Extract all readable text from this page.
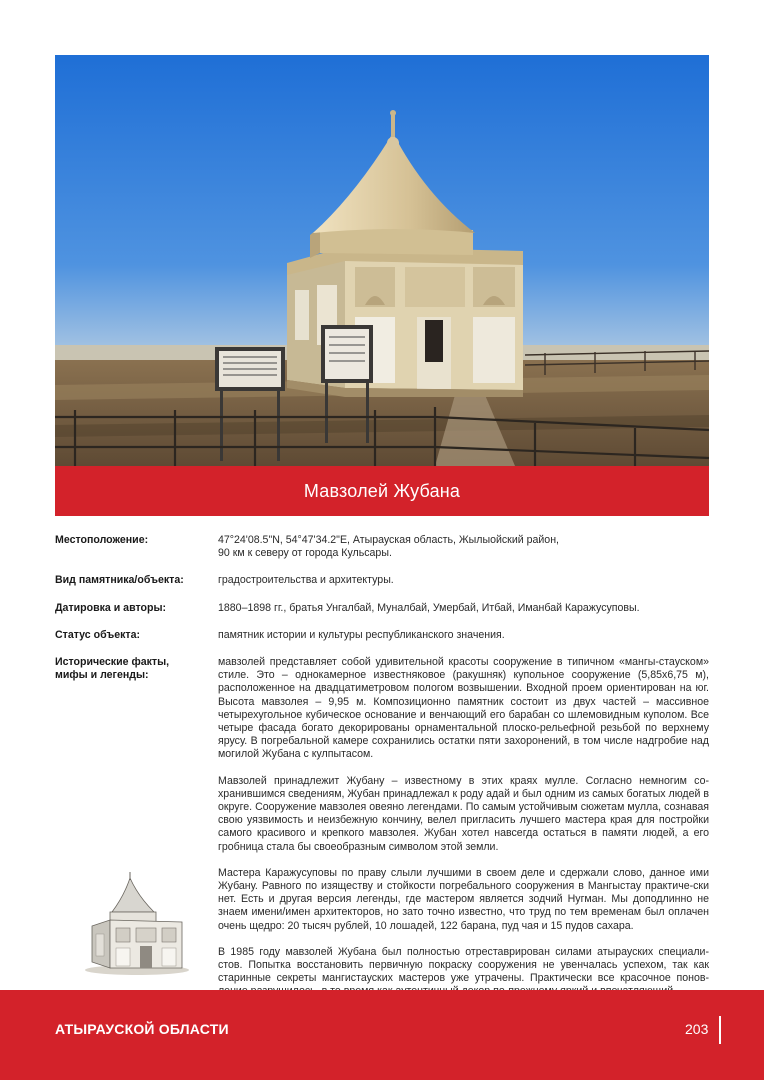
Мавзолей Жубана
Местоположение:	47°24'08.5"N, 54°47'34.2"E, Атырауская область, Жылыойский район,

90 км к северу от города Кульсары.

Вид памятника/объекта:	градостроительства и архитектуры.
Датировка и авторы:	1880–1898 гг., братья Унгалбай, Муналбай, Умербай, Итбай, Иманбай Каражусуповы.
Статус объекта:	памятник истории и культуры республиканского значения.
Исторические факты,
мифы и легенды:

мавзолей представляет собой удивительной красоты сооружение в типичном «мангы-стауском» стиле. Это – однокамерное известняковое (ракушняк) купольное сооружение (5,85х6,75 м), расположенное на двадцатиметровом пологом возвышении. Входной проем ориентирован на юг. Высота мавзолея – 9,95 м. Композиционно памятник состоит из двух частей – массивное четырехугольное кубическое основание и венчающий его барабан со шлемовидным куполом. Все четыре фасада богато декорированы орнаментальной плоско-рельефной резьбой по верхнему ярусу. В погребальной камере сохранились остатки пяти захоронений, в том числе надгробие над могилой Жубана с кулпытасом.

Мавзолей принадлежит Жубану – известному в этих краях мулле. Согласно немногим со-хранившимся сведениям, Жубан принадлежал к роду адай и был одним из самых богатых людей в округе. Сооружение мавзолея овеяно легендами. По самым устойчивым сюжетам мулла, сознавая свою уязвимость и неизбежную кончину, велел пригласить лучшего мастера края для постройки самого красивого и крепкого мавзолея. Жубан хотел навсегда остаться в памяти людей, а его гробница стала бы своеобразным символом этой земли.

Мастера Каражусуповы по праву слыли лучшими в своем деле и сдержали слово, данное ими Жубану. Равного по изяществу и стойкости погребального сооружения в Мангыстау практиче-ски нет. Есть и другая версия легенды, где мастером является зодчий Нугман. Мы доподлинно не знаем имени/имен архитекторов, но зато точно известно, что труд по тем временам был оплачен очень щедро: 20 тысяч рублей, 10 лошадей, 122 барана, пуд чая и 15 пудов сахара.

В 1985 году мавзолей Жубана был полностью отреставрирован силами атырауских специали-стов. Попытка восстановить первичную покраску сооружения не увенчалась успехом, так как старинные секреты мангистауских мастеров уже утрачены. Практически все красочное понов-

АТЫРАУСКОЙ ОБЛАСТИ	203
